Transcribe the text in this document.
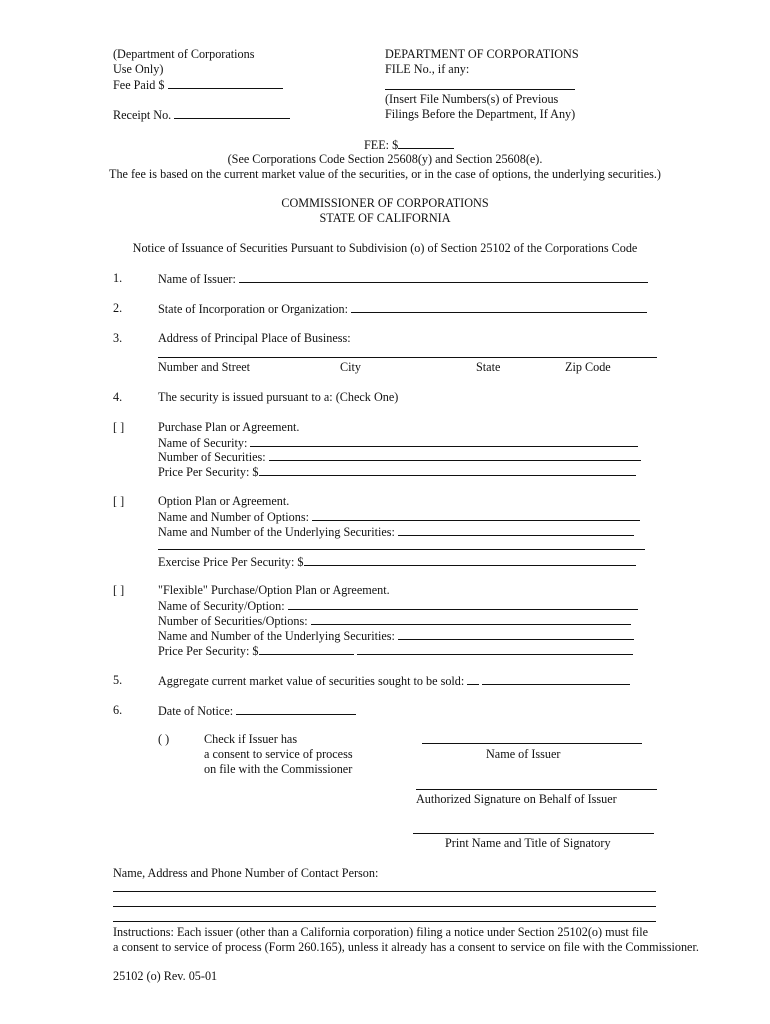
(Department of Corporations
Use Only)
Fee Paid $
Receipt No.
DEPARTMENT OF CORPORATIONS
FILE No., if any:
(Insert File Numbers(s) of Previous
Filings Before the Department, If Any)
FEE: $
(See Corporations Code Section 25608(y) and Section 25608(e).
The fee is based on the current market value of the securities, or in the case of options, the underlying securities.)
COMMISSIONER OF CORPORATIONS
STATE OF CALIFORNIA
Notice of Issuance of Securities Pursuant to Subdivision (o) of Section 25102 of the Corporations Code
1.	Name of Issuer:
2.	State of Incorporation or Organization:
3.	Address of Principal Place of Business:
Number and Street	City	State	Zip Code
4.	The security is issued pursuant to a: (Check One)
[ ]	Purchase Plan or Agreement.
Name of Security:
Number of Securities:
Price Per Security: $
[ ]	Option Plan or Agreement.
Name and Number of Options:
Name and Number of the Underlying Securities:
Exercise Price Per Security: $
[ ]	"Flexible" Purchase/Option Plan or Agreement.
Name of Security/Option:
Number of Securities/Options:
Name and Number of the Underlying Securities:
Price Per Security: $
5.	Aggregate current market value of securities sought to be sold:
6.	Date of Notice:
( )	Check if Issuer has
a consent to service of process
on file with the Commissioner
Name of Issuer
Authorized Signature on Behalf of Issuer
Print Name and Title of Signatory
Name, Address and Phone Number of Contact Person:
Instructions: Each issuer (other than a California corporation) filing a notice under Section 25102(o) must file
a consent to service of process (Form 260.165), unless it already has a consent to service on file with the Commissioner.
25102 (o) Rev. 05-01
